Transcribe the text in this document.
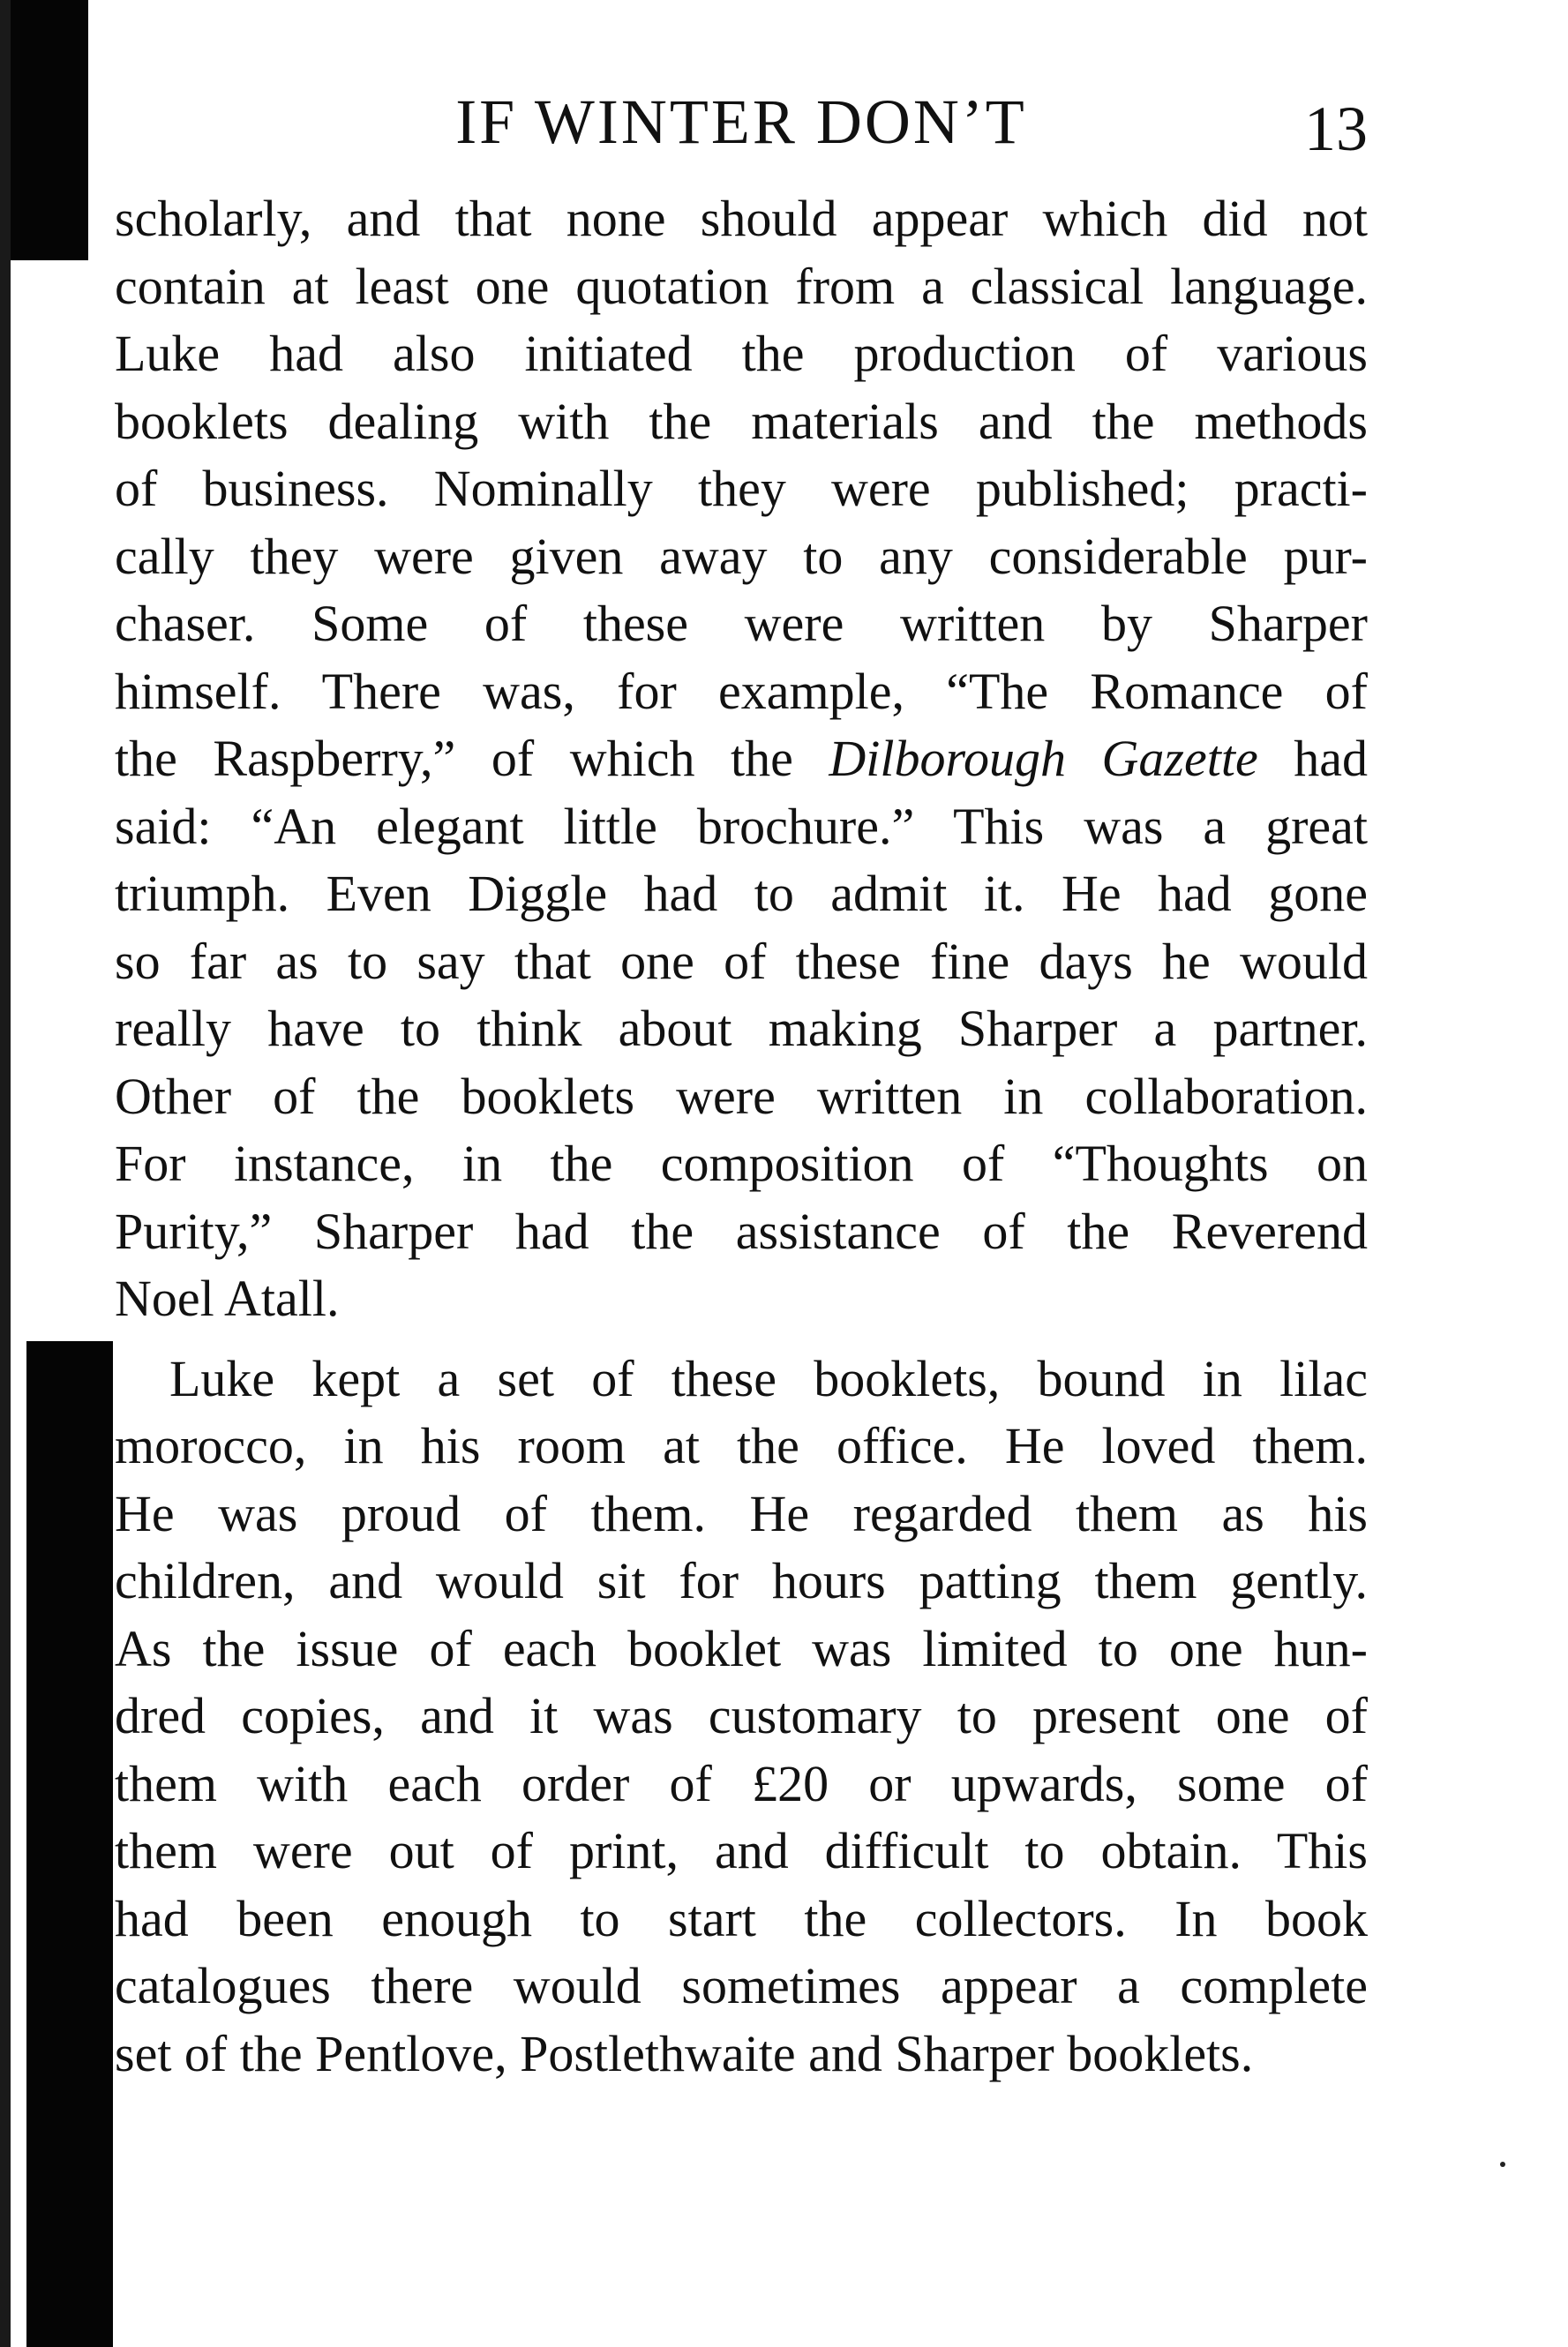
IF WINTER DON’T	13
scholarly, and that none should appear which did not
contain at least one quotation from a classical language.
Luke had also initiated the production of various
booklets dealing with the materials and the methods
of business. Nominally they were published; practi-
cally they were given away to any considerable pur-
chaser. Some of these were written by Sharper
himself. There was, for example, “The Romance of
the Raspberry,” of which the Dilborough Gazette had
said: “An elegant little brochure.” This was a great
triumph. Even Diggle had to admit it. He had gone
so far as to say that one of these fine days he would
really have to think about making Sharper a partner.
Other of the booklets were written in collaboration.
For instance, in the composition of “Thoughts on
Purity,” Sharper had the assistance of the Reverend
Noel Atall.
Luke kept a set of these booklets, bound in lilac
morocco, in his room at the office. He loved them.
He was proud of them. He regarded them as his
children, and would sit for hours patting them gently.
As the issue of each booklet was limited to one hun-
dred copies, and it was customary to present one of
them with each order of £20 or upwards, some of
them were out of print, and difficult to obtain. This
had been enough to start the collectors. In book
catalogues there would sometimes appear a complete
set of the Pentlove, Postlethwaite and Sharper booklets.
